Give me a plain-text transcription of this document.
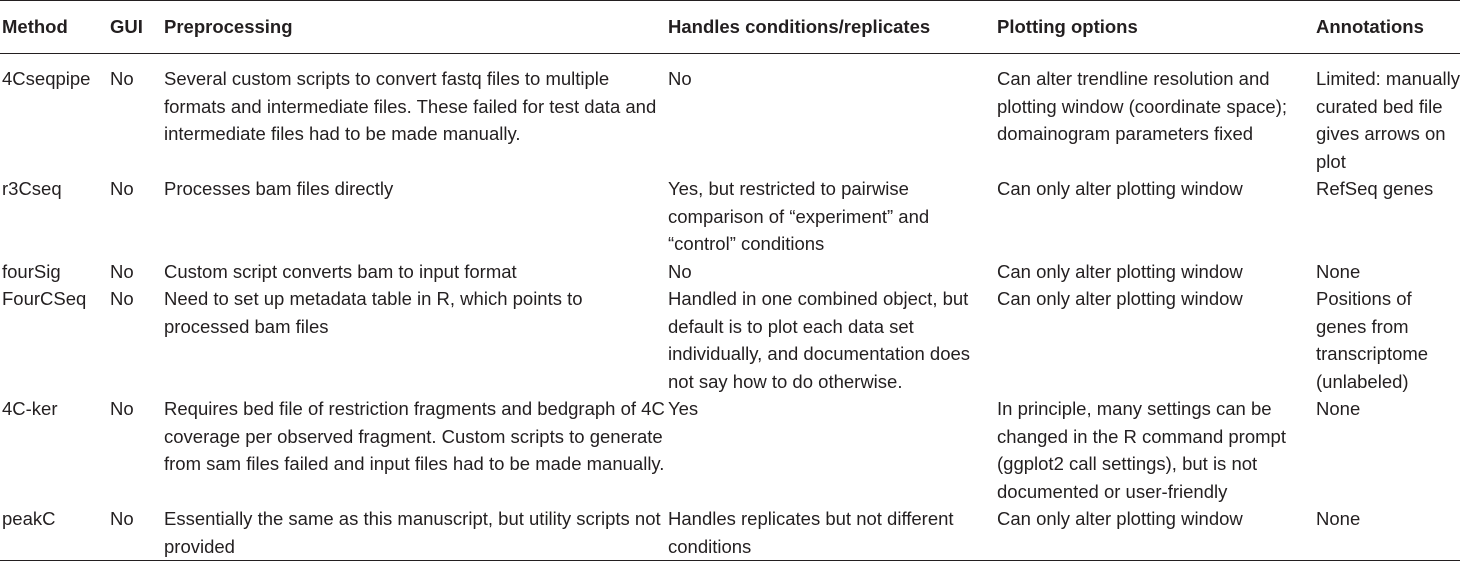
Method	GUI	Preprocessing	Handles conditions/replicates	Plotting options	Annotations
4Cseqpipe	No	Several custom scripts to convert fastq files to multiple formats and intermediate files. These failed for test data and intermediate files had to be made manually.	No	Can alter trendline resolution and plotting window (coordinate space); domainogram parameters fixed	Limited: manually curated bed file gives arrows on plot
r3Cseq	No	Processes bam files directly	Yes, but restricted to pairwise comparison of “experiment” and “control” conditions	Can only alter plotting window	RefSeq genes
fourSig	No	Custom script converts bam to input format	No	Can only alter plotting window	None
FourCSeq	No	Need to set up metadata table in R, which points to processed bam files	Handled in one combined object, but default is to plot each data set individually, and documentation does not say how to do otherwise.	Can only alter plotting window	Positions of genes from transcriptome (unlabeled)
4C-ker	No	Requires bed file of restriction fragments and bedgraph of 4C coverage per observed fragment. Custom scripts to generate from sam files failed and input files had to be made manually.	Yes	In principle, many settings can be changed in the R command prompt (ggplot2 call settings), but is not documented or user-friendly	None
peakC	No	Essentially the same as this manuscript, but utility scripts not provided	Handles replicates but not different conditions	Can only alter plotting window	None
